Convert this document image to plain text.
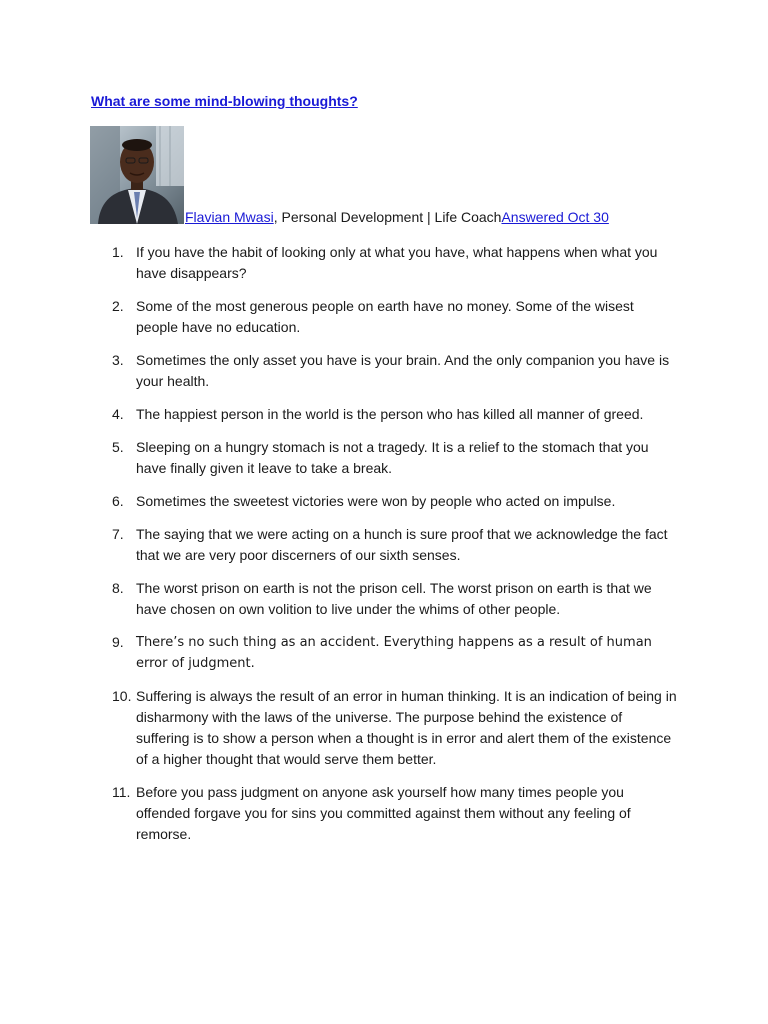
What are some mind-blowing thoughts?
Flavian Mwasi, Personal Development | Life CoachAnswered Oct 30
1. If you have the habit of looking only at what you have, what happens when what you have disappears?
2. Some of the most generous people on earth have no money. Some of the wisest people have no education.
3. Sometimes the only asset you have is your brain. And the only companion you have is your health.
4. The happiest person in the world is the person who has killed all manner of greed.
5. Sleeping on a hungry stomach is not a tragedy. It is a relief to the stomach that you have finally given it leave to take a break.
6. Sometimes the sweetest victories were won by people who acted on impulse.
7. The saying that we were acting on a hunch is sure proof that we acknowledge the fact that we are very poor discerners of our sixth senses.
8. The worst prison on earth is not the prison cell. The worst prison on earth is that we have chosen on own volition to live under the whims of other people.
9. There’s no such thing as an accident. Everything happens as a result of human error of judgment.
10. Suffering is always the result of an error in human thinking. It is an indication of being in disharmony with the laws of the universe. The purpose behind the existence of suffering is to show a person when a thought is in error and alert them of the existence of a higher thought that would serve them better.
11. Before you pass judgment on anyone ask yourself how many times people you offended forgave you for sins you committed against them without any feeling of remorse.
